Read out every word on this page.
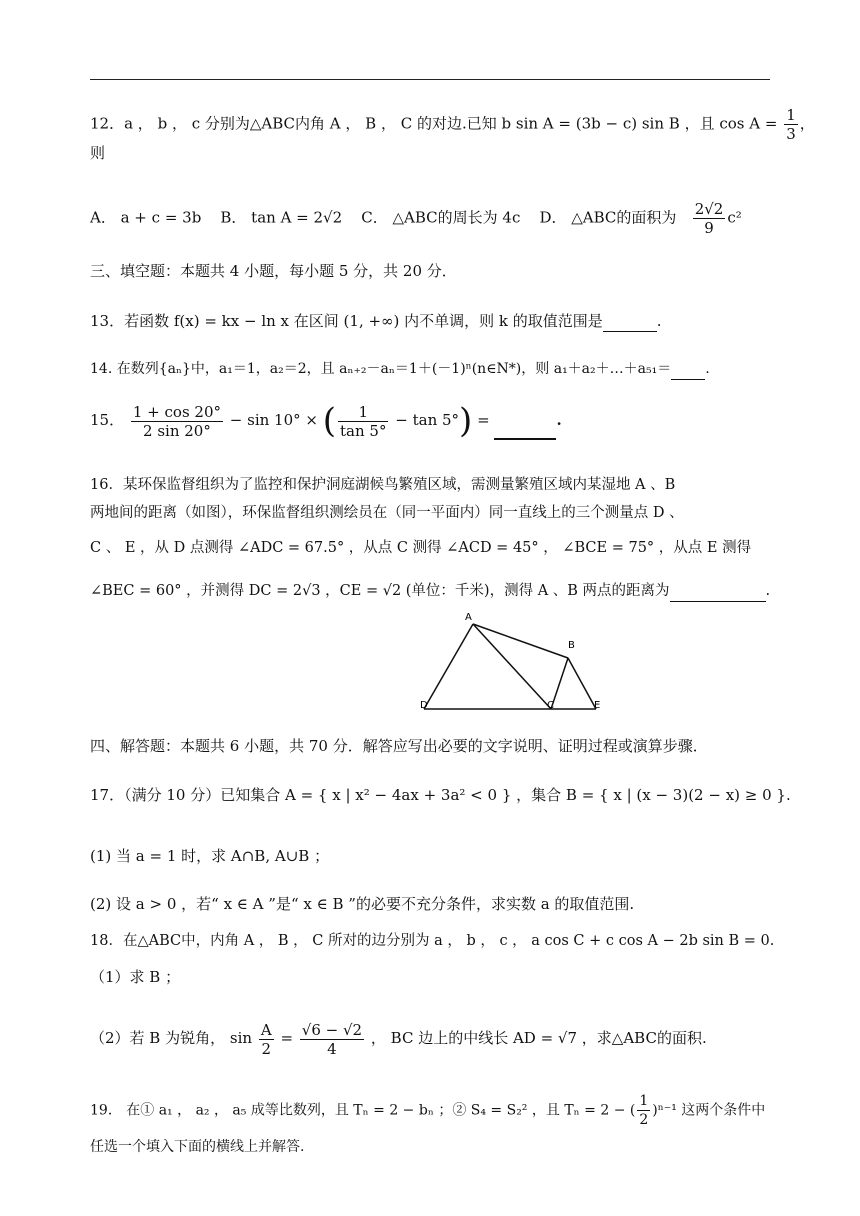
12．a ， b ， c 分别为△ABC内角 A ， B ， C 的对边.已知 b sin A = (3b − c) sin B ，且 $\cos A = \frac{1}{3}$ ，
则
A． a + c = 3b B． tan A = 2√2 C． △ABC的周长为 4c D． △ABC的面积为 $\frac{2√2}{9} c^2$
三、填空题：本题共 4 小题，每小题 5 分，共 20 分．
13．若函数 f(x) = kx − ln x 在区间 (1, +∞) 内不单调，则 k 的取值范围是	.
14. 在数列{aₙ}中，a₁＝1，a₂＝2，且 aₙ₊₂－aₙ＝1＋(－1)ⁿ(n∈N*)，则 a₁＋a₂＋…＋a₅₁＝ .
15． $\frac{1 + \cos 20^\circ}{2 \sin 20^\circ} - \sin 10^\circ$ × ( $\frac{1}{\tan 5^\circ} - \tan 5^\circ$) =	.
16．某环保监督组织为了监控和保护洞庭湖候鸟繁殖区域，需测量繁殖区域内某湿地 A 、B
两地间的距离（如图），环保监督组织测绘员在（同一平面内）同一直线上的三个测量点 D 、
C 、 E ，从 D 点测得 ∠ADC = 67.5° ，从点 C 测得 ∠ACD = 45° ， ∠BCE = 75° ，从点 E 测得
∠BEC = 60° ，并测得 DC = 2√3 ，CE = √2 (单位：千米)，测得 A 、B 两点的距离为	.
A
B
C
D	E
四、解答题：本题共 6 小题，共 70 分．解答应写出必要的文字说明、证明过程或演算步骤．
17．（满分 10 分）已知集合 A = { x | x² − 4ax + 3a² < 0 } ，集合 B = { x | (x − 3)(2 − x) ≥ 0 }.
(1) 当 a = 1 时，求 A∩B, A∪B ；
(2) 设 a > 0 ，若“ x ∈ A ”是“ x ∈ B ”的必要不充分条件，求实数 a 的取值范围.
18．在△ABC中，内角 A ， B ， C 所对的边分别为 a ， b ， c ， a cos C + c cos A − 2b sin B = 0.
（1）求 B ；
（2）若 B 为锐角， $\sin \frac{A}{2} = \frac{√6 - √2}{4}$ ， BC 边上的中线长 AD = √7 ，求△ABC的面积.
19． 在① a₁ ， a₂ ， a₅ 成等比数列，且 Tₙ = 2 − bₙ ；② S₄ = S₂² ，且 Tₙ = 2 − ( $\frac{1}{2} )^{n-1}$ 这两个条件中
任选一个填入下面的横线上并解答.
